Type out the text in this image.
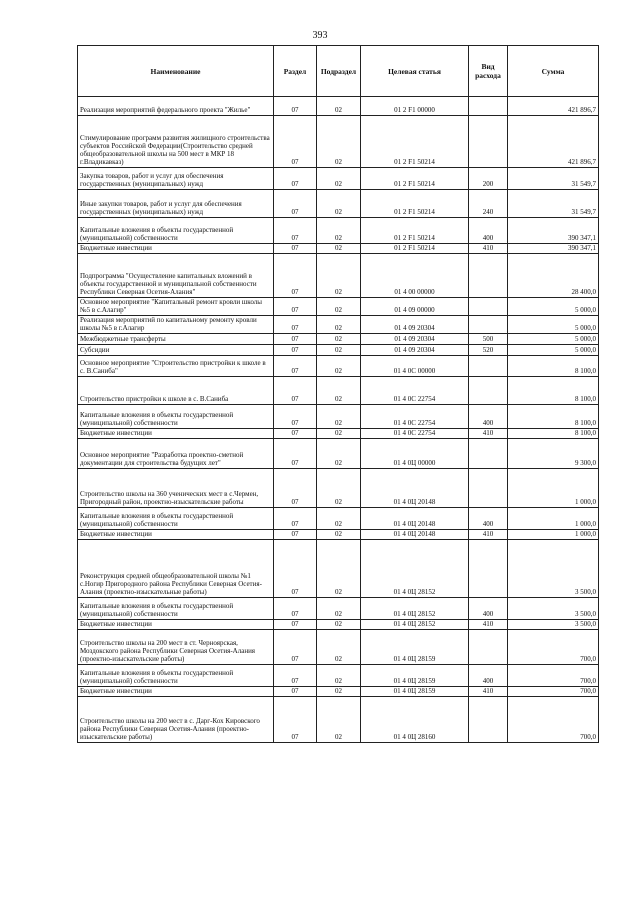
393
Наименование	Раздел	Подраздел	Целевая статья	Вид расхода	Сумма
Реализация мероприятий федерального проекта "Жилье"	07	02	01 2 F1 00000		421 896,7
Стимулирование программ развития жилищного строительства субъектов Российской Федерации(Строительство средней общеобразовательной школы на 500 мест в МКР 18 г.Владикавказ)	07	02	01 2 F1 50214		421 896,7
Закупка товаров, работ и услуг для обеспечения государственных (муниципальных) нужд	07	02	01 2 F1 50214	200	31 549,7
Иные закупки товаров, работ и услуг для обеспечения государственных (муниципальных) нужд	07	02	01 2 F1 50214	240	31 549,7
Капитальные вложения в объекты государственной (муниципальной) собственности	07	02	01 2 F1 50214	400	390 347,1
Бюджетные инвестиции	07	02	01 2 F1 50214	410	390 347,1
Подпрограмма "Осуществление капитальных вложений в объекты государственной и муниципальной собственности Республики Северная Осетия-Алания"	07	02	01 4 00 00000		28 400,0
Основное мероприятие "Капитальный ремонт кровли школы №5 в с.Алагир"	07	02	01 4 09 00000		5 000,0
Реализация мероприятий по капитальному ремонту кровли школы №5 в г.Алагир	07	02	01 4 09 20304		5 000,0
Межбюджетные трансферты	07	02	01 4 09 20304	500	5 000,0
Субсидии	07	02	01 4 09 20304	520	5 000,0
Основное мероприятие "Строительство пристройки к школе в с. В.Саниба"	07	02	01 4 0С 00000		8 100,0
Строительство пристройки к школе в с. В.Саниба	07	02	01 4 0С 22754		8 100,0
Капитальные вложения в объекты государственной (муниципальной) собственности	07	02	01 4 0С 22754	400	8 100,0
Бюджетные инвестиции	07	02	01 4 0С 22754	410	8 100,0
Основное мероприятие "Разработка проектно-сметной документации для строительства будущих лет"	07	02	01 4 0Ц 00000		9 300,0
Строительство школы на 360 ученических мест в с.Чермен, Пригородный район, проектно-изыскательские работы	07	02	01 4 0Ц 20148		1 000,0
Капитальные вложения в объекты государственной (муниципальной) собственности	07	02	01 4 0Ц 20148	400	1 000,0
Бюджетные инвестиции	07	02	01 4 0Ц 20148	410	1 000,0
Реконструкция средней общеобразовательной школы №1 с.Ногир Пригородного района Республики Северная Осетия-Алания (проектно-изыскательные работы)	07	02	01 4 0Ц 28152		3 500,0
Капитальные вложения в объекты государственной (муниципальной) собственности	07	02	01 4 0Ц 28152	400	3 500,0
Бюджетные инвестиции	07	02	01 4 0Ц 28152	410	3 500,0
Строительство школы на 200 мест в ст. Черноярская, Моздокского района Республики Северная Осетия-Алания (проектно-изыскательские работы)	07	02	01 4 0Ц 28159		700,0
Капитальные вложения в объекты государственной (муниципальной) собственности	07	02	01 4 0Ц 28159	400	700,0
Бюджетные инвестиции	07	02	01 4 0Ц 28159	410	700,0
Строительство школы на 200 мест в с. Дарг-Кох Кировского района Республики Северная Осетия-Алания (проектно-изыскательские работы)	07	02	01 4 0Ц 28160		700,0
